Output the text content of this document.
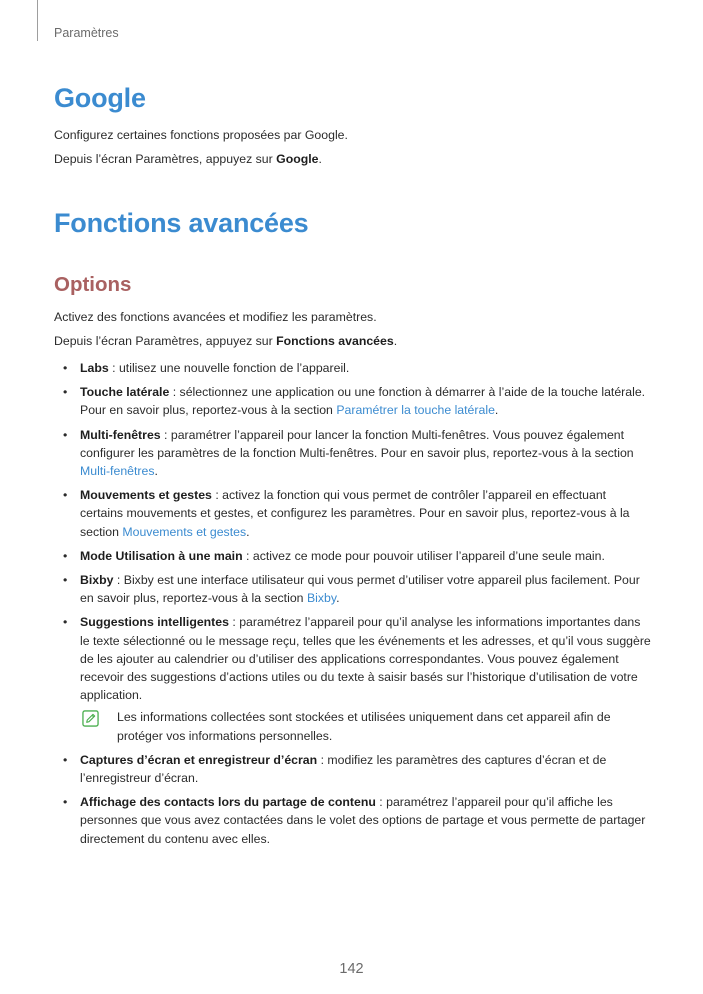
Paramètres
Google

Configurez certaines fonctions proposées par Google.

Depuis l’écran Paramètres, appuyez sur Google.

Fonctions avancées
Options

Activez des fonctions avancées et modifiez les paramètres.

Depuis l’écran Paramètres, appuyez sur Fonctions avancées.

• Labs : utilisez une nouvelle fonction de l’appareil.
• Touche latérale : sélectionnez une application ou une fonction à démarrer à l’aide de la touche latérale. Pour en savoir plus, reportez-vous à la section Paramétrer la touche latérale.
• Multi-fenêtres : paramétrer l’appareil pour lancer la fonction Multi-fenêtres. Vous pouvez également configurer les paramètres de la fonction Multi-fenêtres. Pour en savoir plus, reportez-vous à la section Multi-fenêtres.
• Mouvements et gestes : activez la fonction qui vous permet de contrôler l’appareil en effectuant certains mouvements et gestes, et configurez les paramètres. Pour en savoir plus, reportez-vous à la section Mouvements et gestes.
• Mode Utilisation à une main : activez ce mode pour pouvoir utiliser l’appareil d’une seule main.
• Bixby : Bixby est une interface utilisateur qui vous permet d’utiliser votre appareil plus facilement. Pour en savoir plus, reportez-vous à la section Bixby.
• Suggestions intelligentes : paramétrez l’appareil pour qu’il analyse les informations importantes dans le texte sélectionné ou le message reçu, telles que les événements et les adresses, et qu’il vous suggère de les ajouter au calendrier ou d’utiliser des applications correspondantes. Vous pouvez également recevoir des suggestions d’actions utiles ou du texte à saisir basés sur l’historique d’utilisation de votre application.
Les informations collectées sont stockées et utilisées uniquement dans cet appareil afin de protéger vos informations personnelles.
• Captures d’écran et enregistreur d’écran : modifiez les paramètres des captures d’écran et de l’enregistreur d’écran.
• Affichage des contacts lors du partage de contenu : paramétrez l’appareil pour qu’il affiche les personnes que vous avez contactées dans le volet des options de partage et vous permette de partager directement du contenu avec elles.
142
